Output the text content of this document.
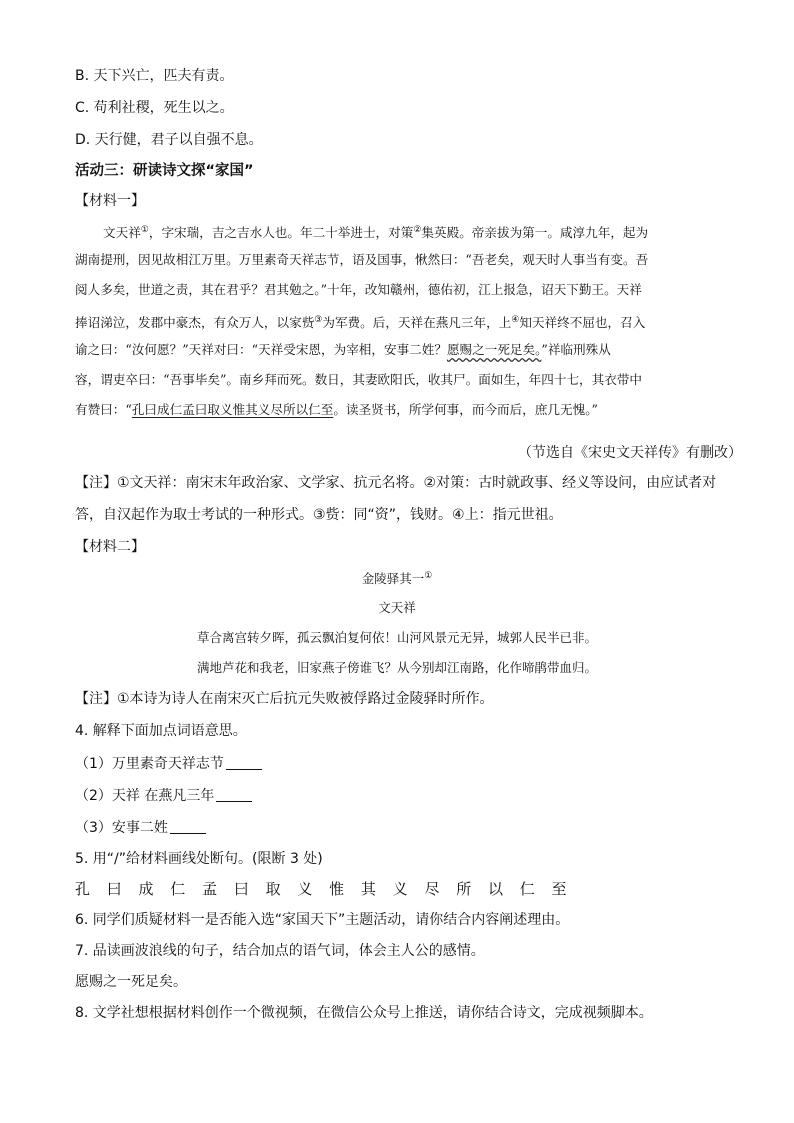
B. 天下兴亡，匹夫有责。
C. 苟利社稷，死生以之。
D. 天行健，君子以自强不息。
活动三：研读诗文探“家国”
【材料一】
文天祥①，字宋瑞，吉之吉水人也。年二十举进士，对策②集英殿。帝亲拔为第一。咸淳九年，起为
湖南提刑，因见故相江万里。万里素奇天祥志节，语及国事，愀然曰：“吾老矣，观天时人事当有变。吾
阅人多矣，世道之责，其在君乎？君其勉之。”十年，改知赣州，德佑初，江上报急，诏天下勤王。天祥
捧诏涕泣，发郡中豪杰，有众万人，以家赀③为军费。后，天祥在燕凡三年，上④知天祥终不屈也，召入
谕之曰：“汝何愿？”天祥对曰：“天祥受宋恩，为宰相，安事二姓？愿赐之一死足矣。”祥临刑殊从
容，谓吏卒曰：“吾事毕矣”。南乡拜而死。数日，其妻欧阳氏，收其尸。面如生，年四十七，其衣带中
有赞曰：“孔曰成仁孟曰取义惟其义尽所以仁至。读圣贤书，所学何事，而今而后，庶几无愧。”
（节选自《宋史文天祥传》有删改）
【注】①文天祥：南宋末年政治家、文学家、抗元名将。②对策：古时就政事、经义等设问，由应试者对
答，自汉起作为取士考试的一种形式。③赀：同“资”，钱财。④上：指元世祖。
【材料二】
金陵驿其一①
文天祥
草合离宫转夕晖，孤云飘泊复何依！山河风景元无异，城郭人民半已非。
满地芦花和我老，旧家燕子傍谁飞？从今别却江南路，化作啼鹃带血归。
【注】①本诗为诗人在南宋灭亡后抗元失败被俘路过金陵驿时所作。
4. 解释下面加点词语意思。
（1）万里素奇天祥志节
（2）天祥 在燕凡三年
（3）安事二姓
5. 用“/”给材料画线处断句。(限断 3 处)
孔 曰 成 仁 孟 曰 取 义 惟 其 义 尽 所 以 仁 至
6. 同学们质疑材料一是否能入选“家国天下”主题活动，请你结合内容阐述理由。
7. 品读画波浪线的句子，结合加点的语气词，体会主人公的感情。
愿赐之一死足矣。
8. 文学社想根据材料创作一个微视频，在微信公众号上推送，请你结合诗文，完成视频脚本。
